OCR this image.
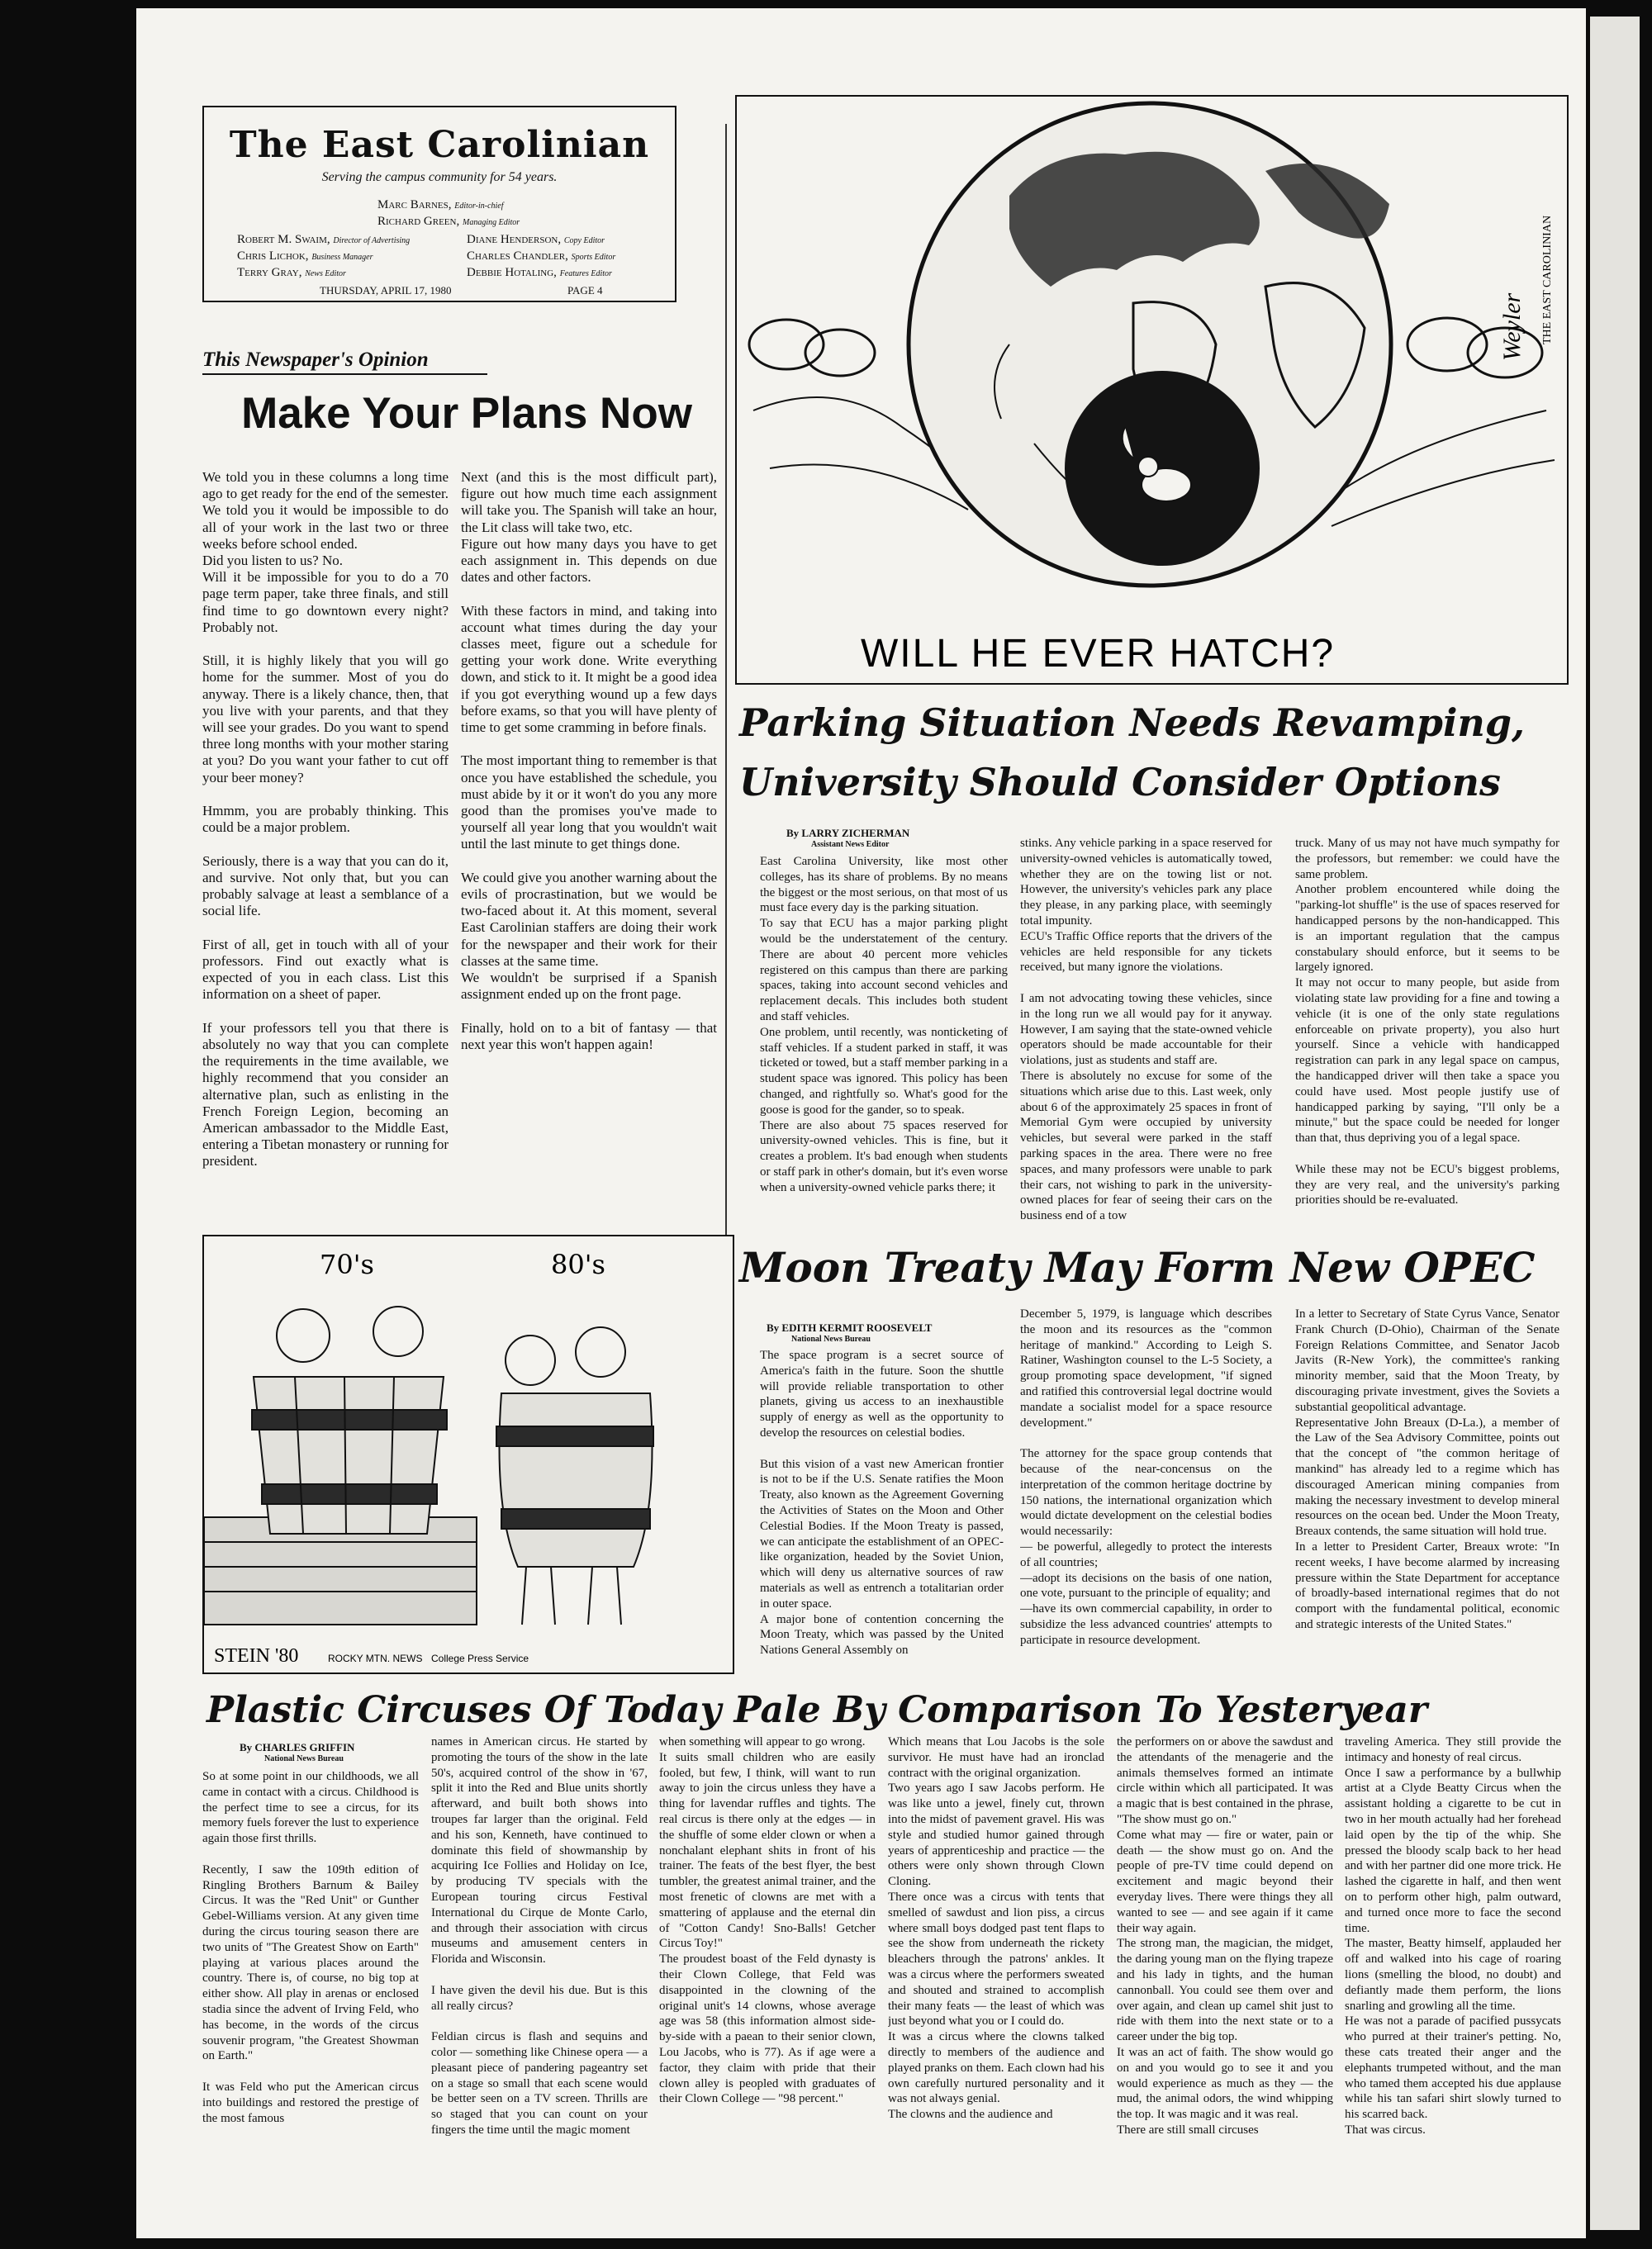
The East Carolinian
Serving the campus community for 54 years.
Marc Barnes, Editor-in-chief
Richard Green, Managing Editor
Robert M. Swaim, Director of Advertising	Diane Henderson, Copy Editor
Chris Lichok, Business Manager	Charles Chandler, Sports Editor
Terry Gray, News Editor	Debbie Hotaling, Features Editor
THURSDAY, APRIL 17, 1980	PAGE 4
This Newspaper's Opinion
Make Your Plans Now
We told you in these columns a long time ago to get ready for the end of the semester. We told you it would be impossible to do all of your work in the last two or three weeks before school ended.
Did you listen to us? No.
Will it be impossible for you to do a 70 page term paper, take three finals, and still find time to go downtown every night? Probably not.

Still, it is highly likely that you will go home for the summer. Most of you do anyway. There is a likely chance, then, that you live with your parents, and that they will see your grades. Do you want to spend three long months with your mother staring at you? Do you want your father to cut off your beer money?

Hmmm, you are probably thinking. This could be a major problem.

Seriously, there is a way that you can do it, and survive. Not only that, but you can probably salvage at least a semblance of a social life.

First of all, get in touch with all of your professors. Find out exactly what is expected of you in each class. List this information on a sheet of paper.

If your professors tell you that there is absolutely no way that you can complete the requirements in the time available, we highly recommend that you consider an alternative plan, such as enlisting in the French Foreign Legion, becoming an American ambassador to the Middle East, entering a Tibetan monastery or running for president.
Next (and this is the most difficult part), figure out how much time each assignment will take you. The Spanish will take an hour, the Lit class will take two, etc.
Figure out how many days you have to get each assignment in. This depends on due dates and other factors.

With these factors in mind, and taking into account what times during the day your classes meet, figure out a schedule for getting your work done. Write everything down, and stick to it. It might be a good idea if you got everything wound up a few days before exams, so that you will have plenty of time to get some cramming in before finals.

The most important thing to remember is that once you have established the schedule, you must abide by it or it won't do you any more good than the promises you've made to yourself all year long that you wouldn't wait until the last minute to get things done.

We could give you another warning about the evils of procrastination, but we would be two-faced about it. At this moment, several East Carolinian staffers are doing their work for the newspaper and their work for their classes at the same time.
We wouldn't be surprised if a Spanish assignment ended up on the front page.

Finally, hold on to a bit of fantasy — that next year this won't happen again!
WILL HE EVER HATCH?
Weyler THE EAST CAROLINIAN
Parking Situation Needs Revamping,
University Should Consider Options
By LARRY ZICHERMAN
Assistant News Editor
East Carolina University, like most other colleges, has its share of problems. By no means the biggest or the most serious, on that most of us must face every day is the parking situation.
To say that ECU has a major parking plight would be the understatement of the century. There are about 40 percent more vehicles registered on this campus than there are parking spaces, taking into account second vehicles and replacement decals. This includes both student and staff vehicles.
One problem, until recently, was nonticketing of staff vehicles. If a student parked in staff, it was ticketed or towed, but a staff member parking in a student space was ignored. This policy has been changed, and rightfully so. What's good for the goose is good for the gander, so to speak.
There are also about 75 spaces reserved for university-owned vehicles. This is fine, but it creates a problem. It's bad enough when students or staff park in other's domain, but it's even worse when a university-owned vehicle parks there; it
stinks. Any vehicle parking in a space reserved for university-owned vehicles is automatically towed, whether they are on the towing list or not. However, the university's vehicles park any place they please, in any parking place, with seemingly total impunity.
ECU's Traffic Office reports that the drivers of the vehicles are held responsible for any tickets received, but many ignore the violations.

I am not advocating towing these vehicles, since in the long run we all would pay for it anyway. However, I am saying that the state-owned vehicle operators should be made accountable for their violations, just as students and staff are.
There is absolutely no excuse for some of the situations which arise due to this. Last week, only about 6 of the approximately 25 spaces in front of Memorial Gym were occupied by university vehicles, but several were parked in the staff parking spaces in the area. There were no free spaces, and many professors were unable to park their cars, not wishing to park in the university-owned places for fear of seeing their cars on the business end of a tow
truck. Many of us may not have much sympathy for the professors, but remember: we could have the same problem.
Another problem encountered while doing the "parking-lot shuffle" is the use of spaces reserved for handicapped persons by the non-handicapped. This is an important regulation that the campus constabulary should enforce, but it seems to be largely ignored.
It may not occur to many people, but aside from violating state law providing for a fine and towing a vehicle (it is one of the only state regulations enforceable on private property), you also hurt yourself. Since a vehicle with handicapped registration can park in any legal space on campus, the handicapped driver will then take a space you could have used. Most people justify use of handicapped parking by saying, "I'll only be a minute," but the space could be needed for longer than that, thus depriving you of a legal space.

While these may not be ECU's biggest problems, they are very real, and the university's parking priorities should be re-evaluated.
70's	80's
STEIN '80	ROCKY MTN. NEWS College Press Service
Moon Treaty May Form New OPEC
By EDITH KERMIT ROOSEVELT
National News Bureau
The space program is a secret source of America's faith in the future. Soon the shuttle will provide reliable transportation to other planets, giving us access to an inexhaustible supply of energy as well as the opportunity to develop the resources on celestial bodies.

But this vision of a vast new American frontier is not to be if the U.S. Senate ratifies the Moon Treaty, also known as the Agreement Governing the Activities of States on the Moon and Other Celestial Bodies. If the Moon Treaty is passed, we can anticipate the establishment of an OPEC-like organization, headed by the Soviet Union, which will deny us alternative sources of raw materials as well as entrench a totalitarian order in outer space.
A major bone of contention concerning the Moon Treaty, which was passed by the United Nations General Assembly on
December 5, 1979, is language which describes the moon and its resources as the "common heritage of mankind." According to Leigh S. Ratiner, Washington counsel to the L-5 Society, a group promoting space development, "if signed and ratified this controversial legal doctrine would mandate a socialist model for a space resource development."

The attorney for the space group contends that because of the near-concensus on the interpretation of the common heritage doctrine by 150 nations, the international organization which would dictate development on the celestial bodies would necessarily:
— be powerful, allegedly to protect the interests of all countries;
—adopt its decisions on the basis of one nation, one vote, pursuant to the principle of equality; and
—have its own commercial capability, in order to subsidize the less advanced countries' attempts to participate in resource development.
In a letter to Secretary of State Cyrus Vance, Senator Frank Church (D-Ohio), Chairman of the Senate Foreign Relations Committee, and Senator Jacob Javits (R-New York), the committee's ranking minority member, said that the Moon Treaty, by discouraging private investment, gives the Soviets a substantial geopolitical advantage.
Representative John Breaux (D-La.), a member of the Law of the Sea Advisory Committee, points out that the concept of "the common heritage of mankind" has already led to a regime which has discouraged American mining companies from making the necessary investment to develop mineral resources on the ocean bed. Under the Moon Treaty, Breaux contends, the same situation will hold true.
In a letter to President Carter, Breaux wrote: "In recent weeks, I have become alarmed by increasing pressure within the State Department for acceptance of broadly-based international regimes that do not comport with the fundamental political, economic and strategic interests of the United States."
Plastic Circuses Of Today Pale By Comparison To Yesteryear
By CHARLES GRIFFIN
National News Bureau
So at some point in our childhoods, we all came in contact with a circus. Childhood is the perfect time to see a circus, for its memory fuels forever the lust to experience again those first thrills.

Recently, I saw the 109th edition of Ringling Brothers Barnum & Bailey Circus. It was the "Red Unit" or Gunther Gebel-Williams version. At any given time during the circus touring season there are two units of "The Greatest Show on Earth" playing at various places around the country. There is, of course, no big top at either show. All play in arenas or enclosed stadia since the advent of Irving Feld, who has become, in the words of the circus souvenir program, "the Greatest Showman on Earth."

It was Feld who put the American circus into buildings and restored the prestige of the most famous
names in American circus. He started by promoting the tours of the show in the late 50's, acquired control of the show in '67, split it into the Red and Blue units shortly afterward, and built both shows into troupes far larger than the original. Feld and his son, Kenneth, have continued to dominate this field of showmanship by acquiring Ice Follies and Holiday on Ice, by producing TV specials with the European touring circus Festival International du Cirque de Monte Carlo, and through their association with circus museums and amusement centers in Florida and Wisconsin.

I have given the devil his due. But is this all really circus?

Feldian circus is flash and sequins and color — something like Chinese opera — a pleasant piece of pandering pageantry set on a stage so small that each scene would be better seen on a TV screen. Thrills are so staged that you can count on your fingers the time until the magic moment
when something will appear to go wrong.
It suits small children who are easily fooled, but few, I think, will want to run away to join the circus unless they have a thing for lavendar ruffles and tights. The real circus is there only at the edges — in the shuffle of some elder clown or when a nonchalant elephant shits in front of his trainer. The feats of the best flyer, the best tumbler, the greatest animal trainer, and the most frenetic of clowns are met with a smattering of applause and the eternal din of "Cotton Candy! Sno-Balls! Getcher Circus Toy!"
The proudest boast of the Feld dynasty is their Clown College, that Feld was disappointed in the clowning of the original unit's 14 clowns, whose average age was 58 (this information almost side-by-side with a paean to their senior clown, Lou Jacobs, who is 77). As if age were a factor, they claim with pride that their clown alley is peopled with graduates of their Clown College — "98 percent."
Which means that Lou Jacobs is the sole survivor. He must have had an ironclad contract with the original organization.
Two years ago I saw Jacobs perform. He was like unto a jewel, finely cut, thrown into the midst of pavement gravel. His was style and studied humor gained through years of apprenticeship and practice — the others were only shown through Clown Cloning.
There once was a circus with tents that smelled of sawdust and lion piss, a circus where small boys dodged past tent flaps to see the show from underneath the rickety bleachers through the patrons' ankles. It was a circus where the performers sweated and shouted and strained to accomplish their many feats — the least of which was just beyond what you or I could do.
It was a circus where the clowns talked directly to members of the audience and played pranks on them. Each clown had his own carefully nurtured personality and it was not always genial.
The clowns and the audience and
the performers on or above the sawdust and the attendants of the menagerie and the animals themselves formed an intimate circle within which all participated. It was a magic that is best contained in the phrase, "The show must go on."
Come what may — fire or water, pain or death — the show must go on. And the people of pre-TV time could depend on excitement and magic beyond their everyday lives. There were things they all wanted to see — and see again if it came their way again.
The strong man, the magician, the midget, the daring young man on the flying trapeze and his lady in tights, and the human cannonball. You could see them over and over again, and clean up camel shit just to ride with them into the next state or to a career under the big top.
It was an act of faith. The show would go on and you would go to see it and you would experience as much as they — the mud, the animal odors, the wind whipping the top. It was magic and it was real.
There are still small circuses
traveling America. They still provide the intimacy and honesty of real circus.
Once I saw a performance by a bullwhip artist at a Clyde Beatty Circus when the assistant holding a cigarette to be cut in two in her mouth actually had her forehead laid open by the tip of the whip. She pressed the bloody scalp back to her head and with her partner did one more trick. He lashed the cigarette in half, and then went on to perform other high, palm outward, and turned once more to face the second time.
The master, Beatty himself, applauded her off and walked into his cage of roaring lions (smelling the blood, no doubt) and defiantly made them perform, the lions snarling and growling all the time.
He was not a parade of pacified pussycats who purred at their trainer's petting. No, these cats treated their anger and the elephants trumpeted without, and the man who tamed them accepted his due applause while his tan safari shirt slowly turned to his scarred back.
That was circus.
